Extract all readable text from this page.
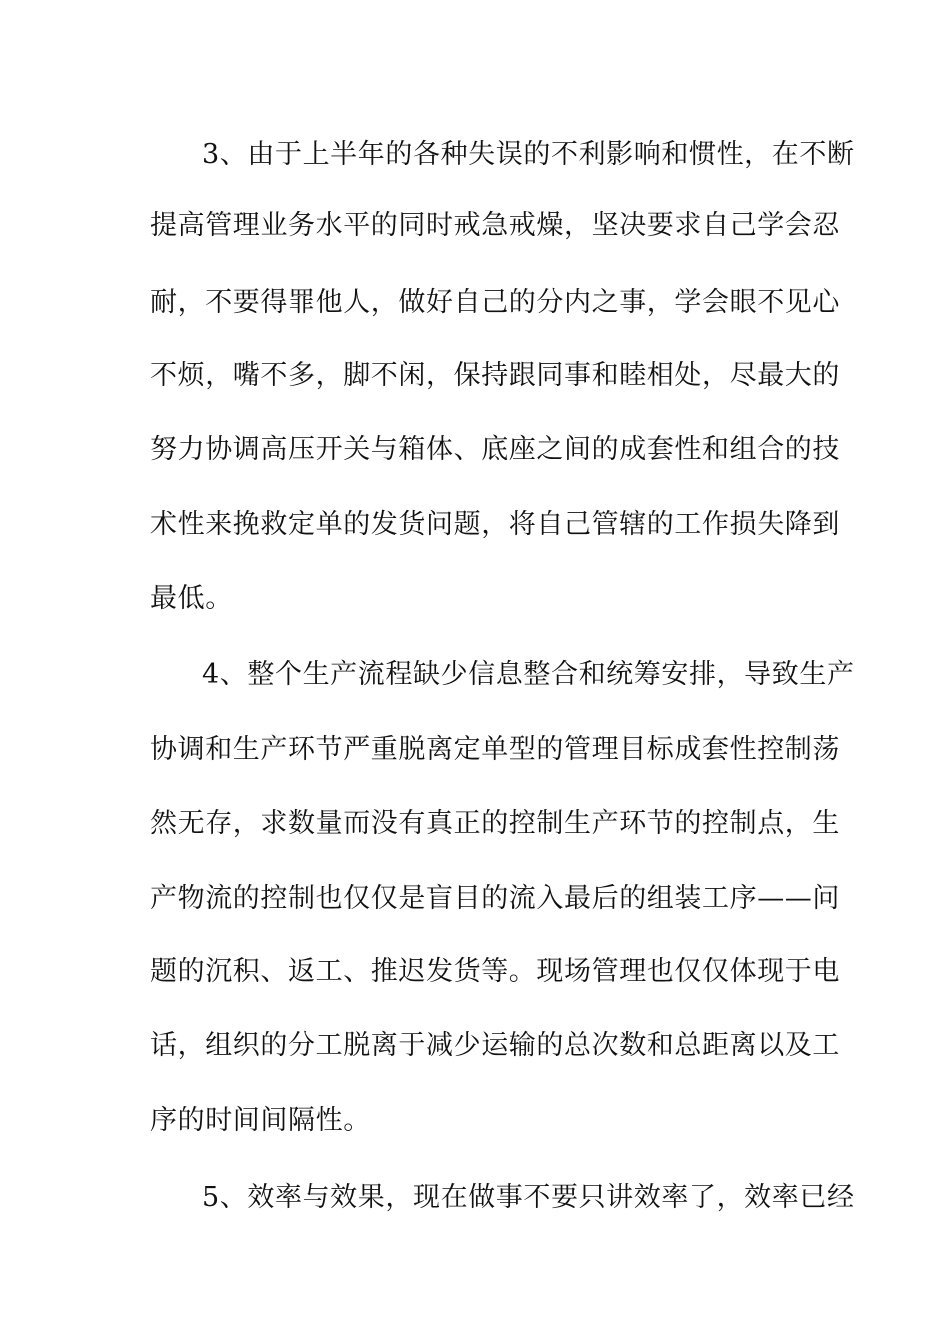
3、由于上半年的各种失误的不利影响和惯性，在不断
提高管理业务水平的同时戒急戒燥，坚决要求自己学会忍
耐，不要得罪他人，做好自己的分内之事，学会眼不见心
不烦，嘴不多，脚不闲，保持跟同事和睦相处，尽最大的
努力协调高压开关与箱体、底座之间的成套性和组合的技
术性来挽救定单的发货问题，将自己管辖的工作损失降到
最低。
4、整个生产流程缺少信息整合和统筹安排，导致生产
协调和生产环节严重脱离定单型的管理目标成套性控制荡
然无存，求数量而没有真正的控制生产环节的控制点，生
产物流的控制也仅仅是盲目的流入最后的组装工序——问
题的沉积、返工、推迟发货等。现场管理也仅仅体现于电
话，组织的分工脱离于减少运输的总次数和总距离以及工
序的时间间隔性。
5、效率与效果，现在做事不要只讲效率了，效率已经
